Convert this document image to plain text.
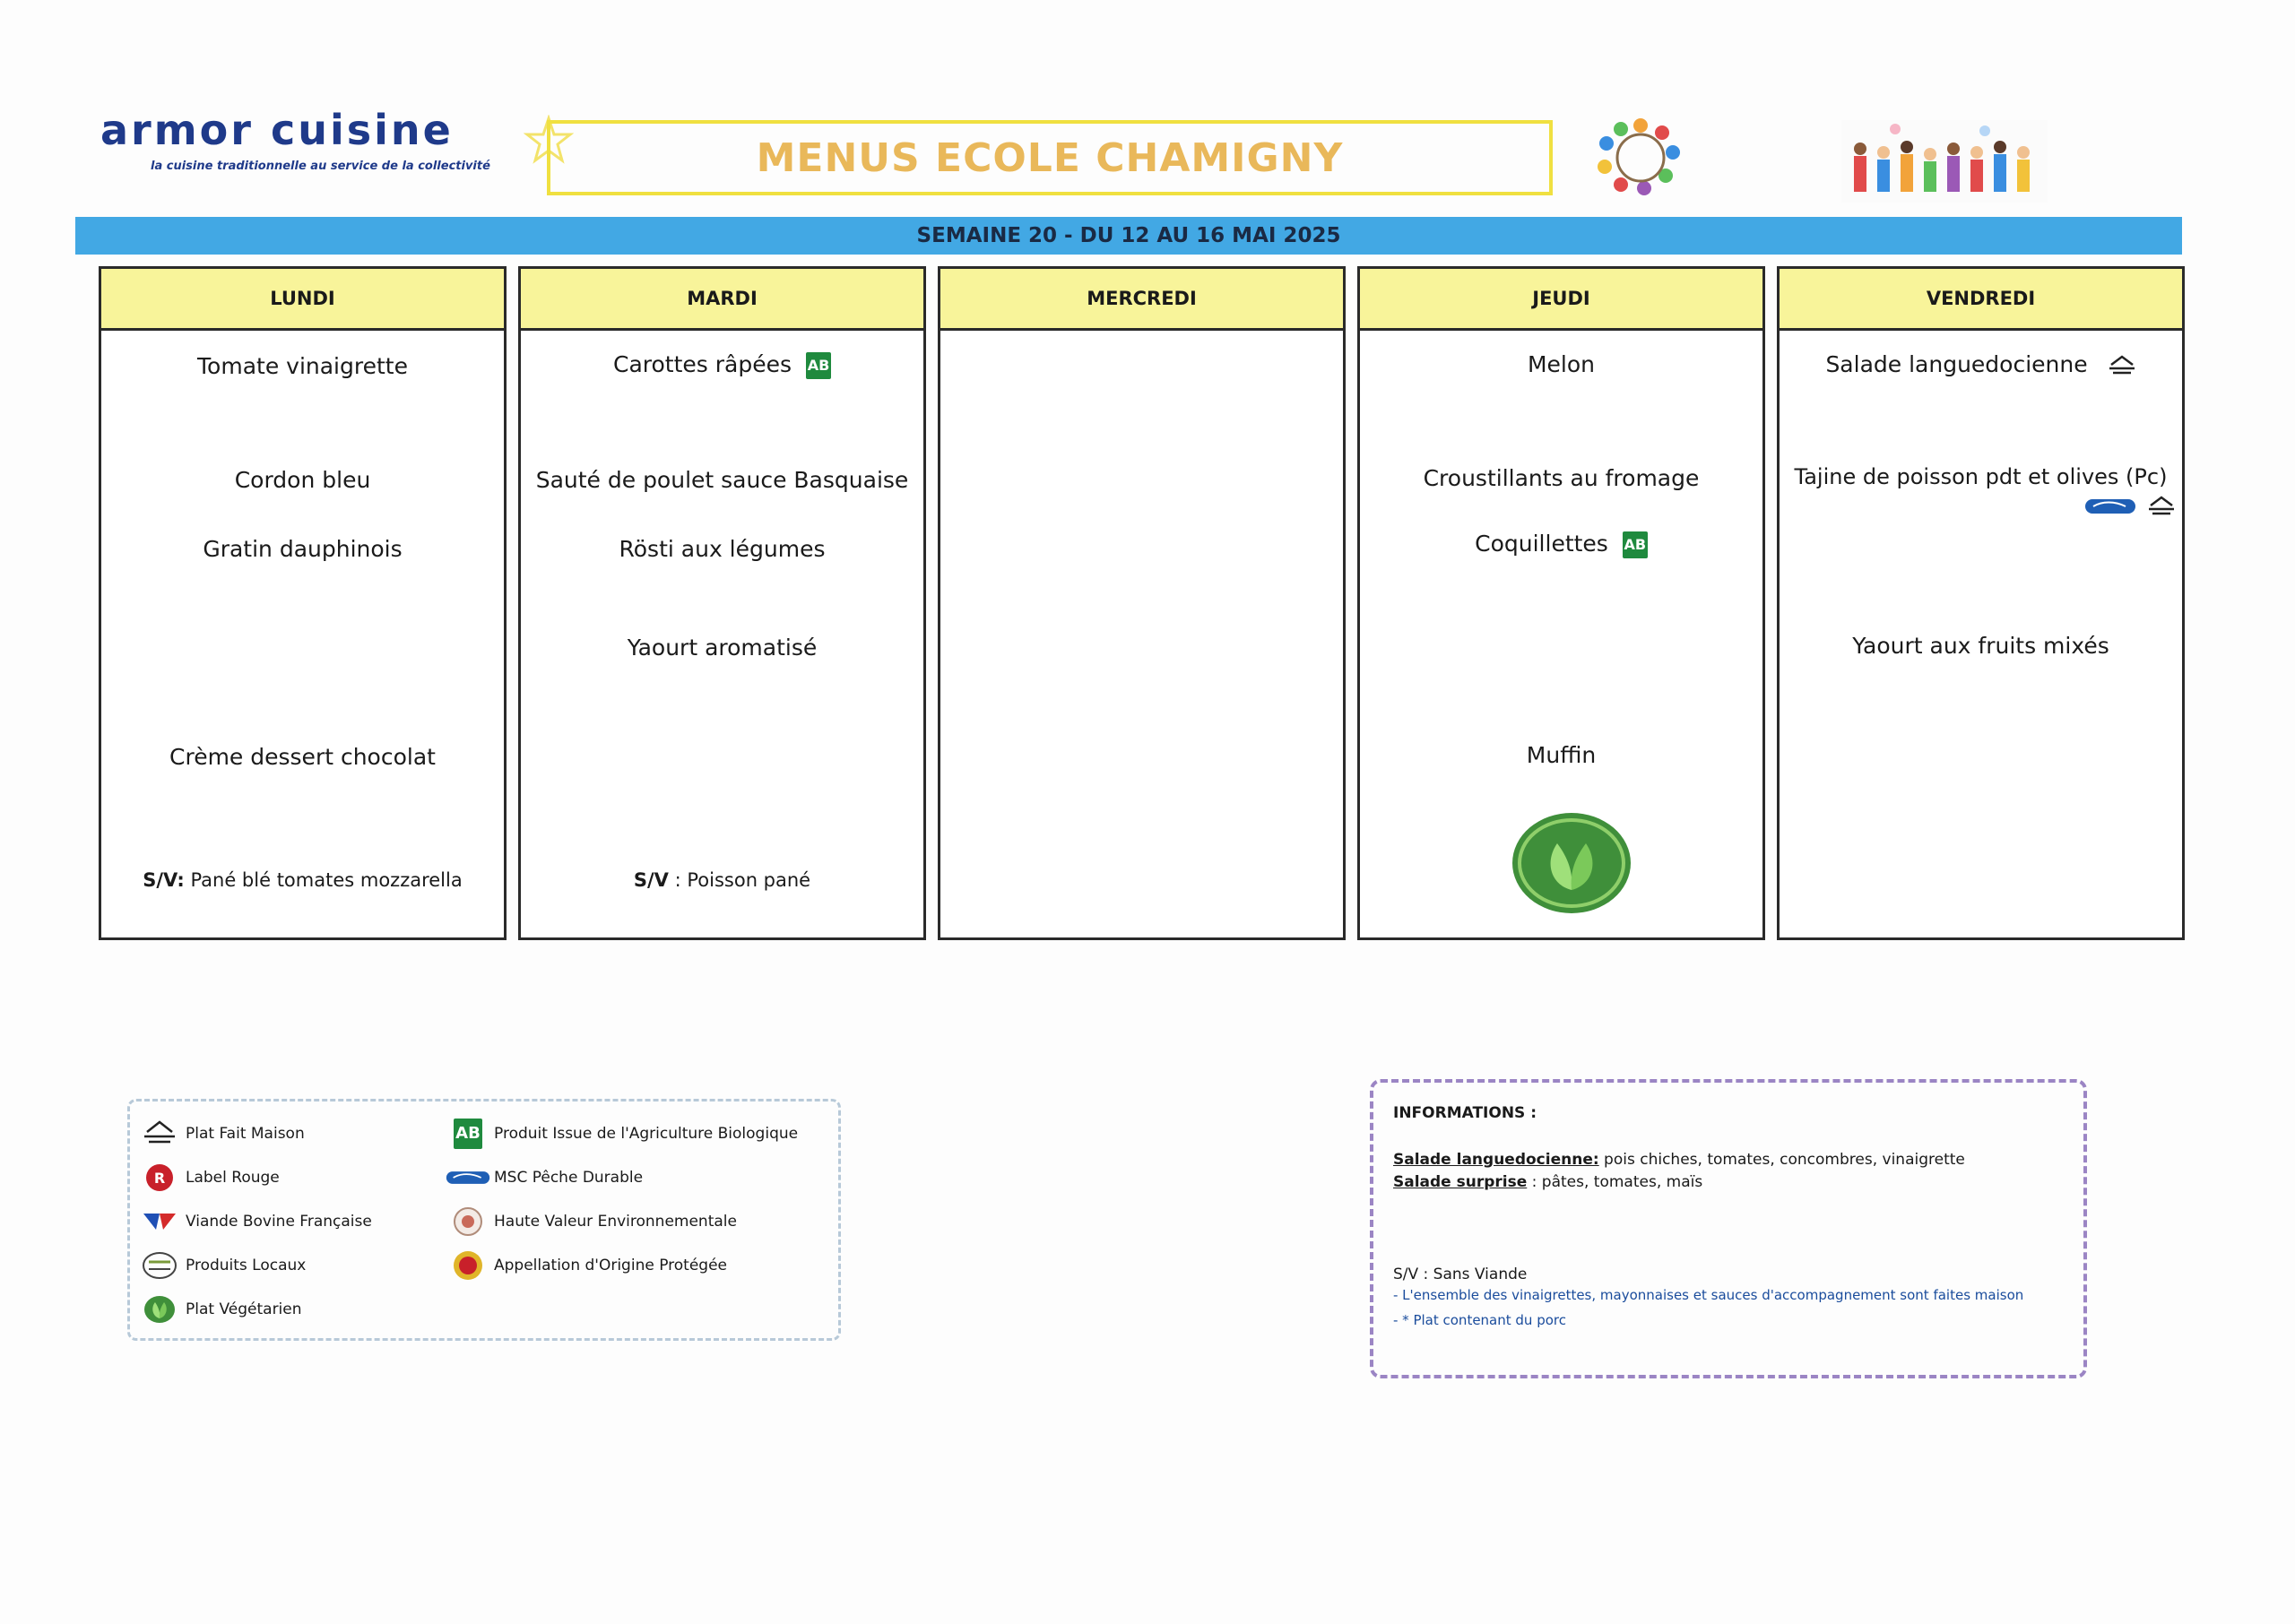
armor cuisine
la cuisine traditionnelle au service de la collectivité	MENUS ECOLE CHAMIGNY
SEMAINE 20 - DU 12 AU 16 MAI 2025
LUNDI
Tomate vinaigrette
Cordon bleu
Gratin dauphinois
Crème dessert chocolat
S/V: Pané blé tomates mozzarella
MARDI
Carottes râpées AB
Sauté de poulet sauce Basquaise
Rösti aux légumes
Yaourt aromatisé
S/V : Poisson pané
MERCREDI	JEUDI
Melon
Croustillants au fromage
Coquillettes AB
Muffin
VENDREDI
Salade languedocienne
Tajine de poisson pdt et olives (Pc)
Yaourt aux fruits mixés
Plat Fait Maison
R Label Rouge
Viande Bovine Française
Produits Locaux
Plat Végétarien
AB Produit Issue de l'Agriculture Biologique
MSC Pêche Durable
Haute Valeur Environnementale
Appellation d'Origine Protégée
INFORMATIONS :
Salade languedocienne: pois chiches, tomates, concombres, vinaigrette
Salade surprise : pâtes, tomates, maïs
S/V : Sans Viande
- L'ensemble des vinaigrettes, mayonnaises et sauces d'accompagnement sont faites maison
- * Plat contenant du porc
